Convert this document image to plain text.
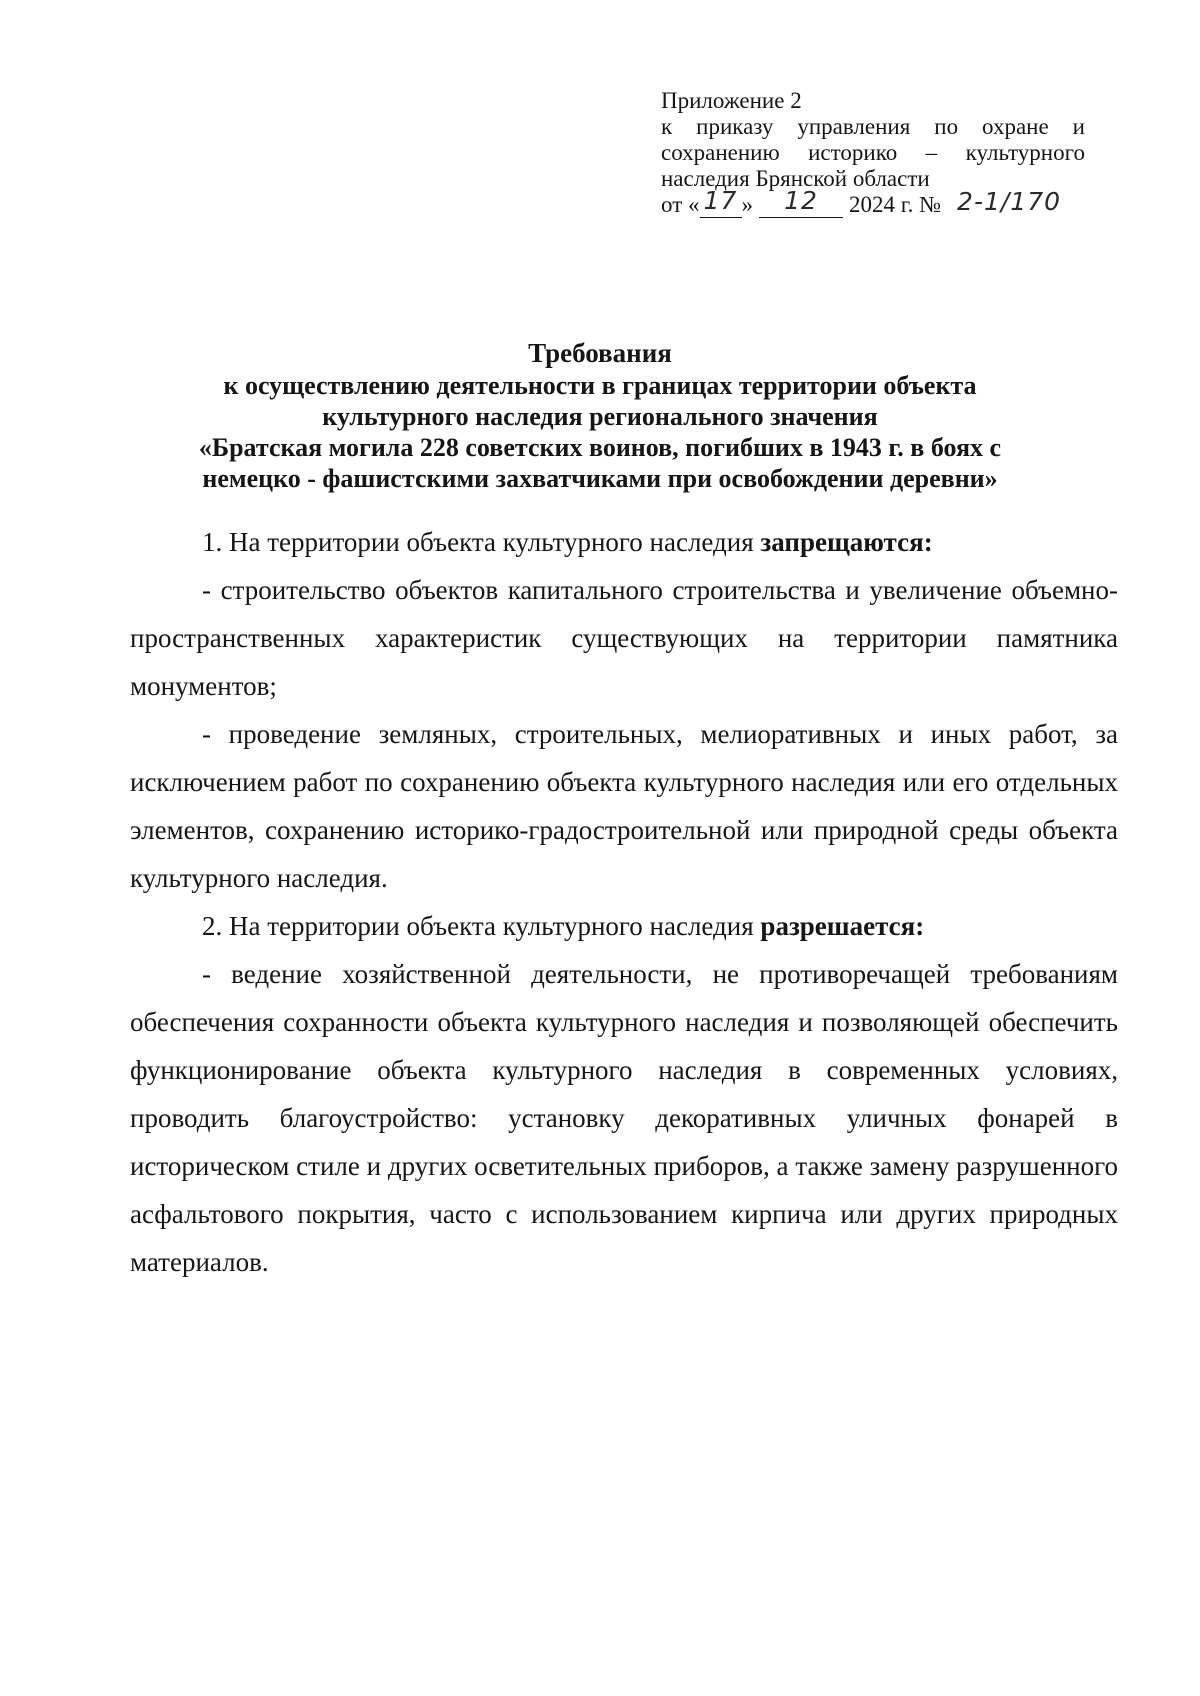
Приложение 2
к приказу управления по охране и
сохранению историко – культурного
наследия Брянской области
от « 17 »	12	2024 г. № 2-1/170
Требования
к осуществлению деятельности в границах территории объекта
культурного наследия регионального значения
«Братская могила 228 советских воинов, погибших в 1943 г. в боях с
немецко - фашистскими захватчиками при освобождении деревни»

1. На территории объекта культурного наследия запрещаются:

- строительство объектов капитального строительства и увеличение объемно-пространственных характеристик существующих на территории памятника монументов;

- проведение земляных, строительных, мелиоративных и иных работ, за исключением работ по сохранению объекта культурного наследия или его отдельных элементов, сохранению историко-градостроительной или природной среды объекта культурного наследия.

2. На территории объекта культурного наследия разрешается:

- ведение хозяйственной деятельности, не противоречащей требованиям обеспечения сохранности объекта культурного наследия и позволяющей обеспечить функционирование объекта культурного наследия в современных условиях, проводить благоустройство: установку декоративных уличных фонарей в историческом стиле и других осветительных приборов, а также замену разрушенного асфальтового покрытия, часто с использованием кирпича или других природных материалов.
